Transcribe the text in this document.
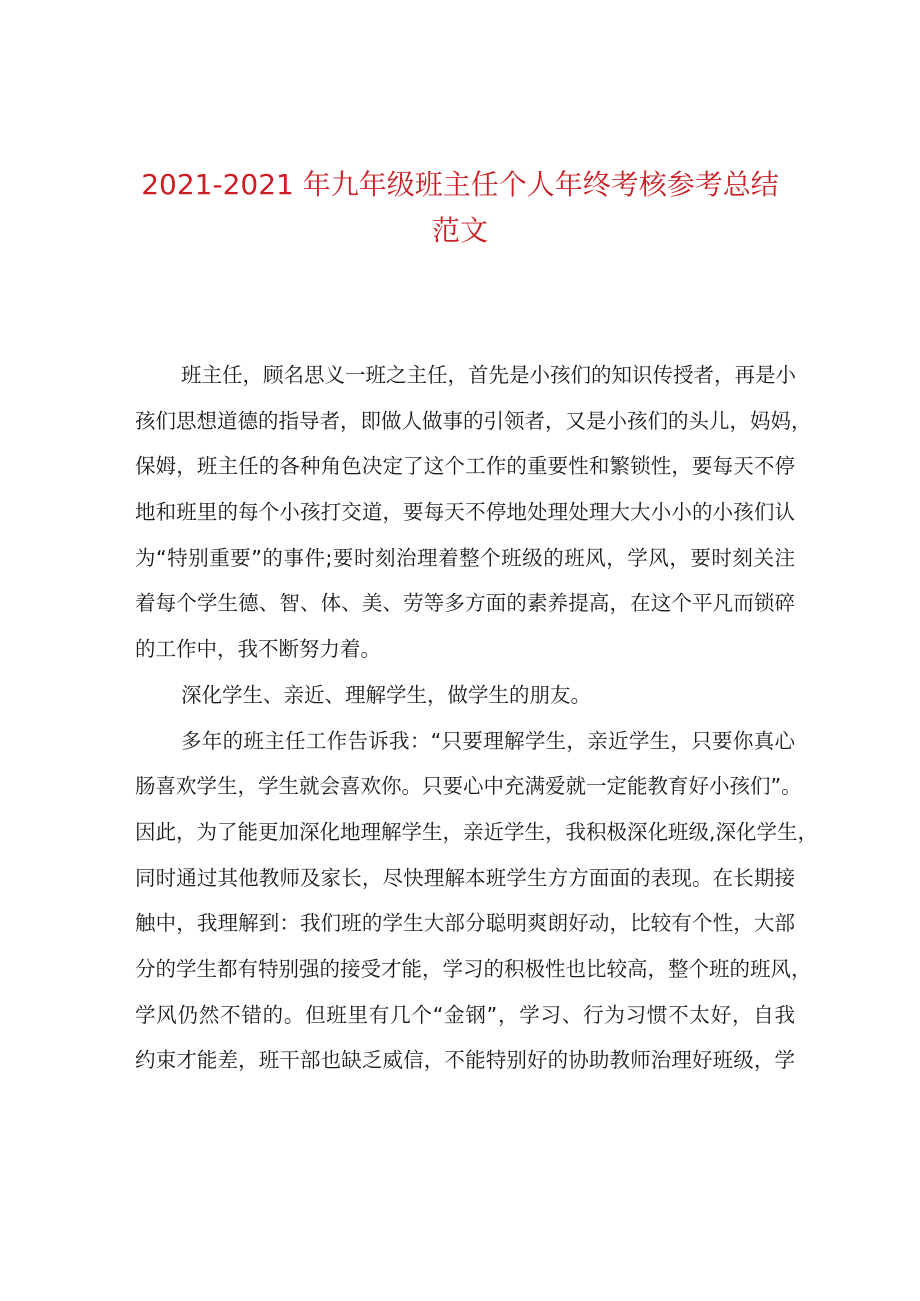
2021-2021 年九年级班主任个人年终考核参考总结
范文
班主任，顾名思义一班之主任，首先是小孩们的知识传授者，再是小
孩们思想道德的指导者，即做人做事的引领者，又是小孩们的头儿，妈妈，
保姆，班主任的各种角色决定了这个工作的重要性和繁锁性，要每天不停
地和班里的每个小孩打交道，要每天不停地处理处理大大小小的小孩们认
为“特别重要”的事件;要时刻治理着整个班级的班风，学风，要时刻关注
着每个学生德、智、体、美、劳等多方面的素养提高，在这个平凡而锁碎
的工作中，我不断努力着。
深化学生、亲近、理解学生，做学生的朋友。
多年的班主任工作告诉我：“只要理解学生，亲近学生，只要你真心
肠喜欢学生，学生就会喜欢你。只要心中充满爱就一定能教育好小孩们”。
因此，为了能更加深化地理解学生，亲近学生，我积极深化班级,深化学生，
同时通过其他教师及家长，尽快理解本班学生方方面面的表现。在长期接
触中，我理解到：我们班的学生大部分聪明爽朗好动，比较有个性，大部
分的学生都有特别强的接受才能，学习的积极性也比较高，整个班的班风，
学风仍然不错的。但班里有几个“金钢”，学习、行为习惯不太好，自我
约束才能差，班干部也缺乏威信，不能特别好的协助教师治理好班级，学
